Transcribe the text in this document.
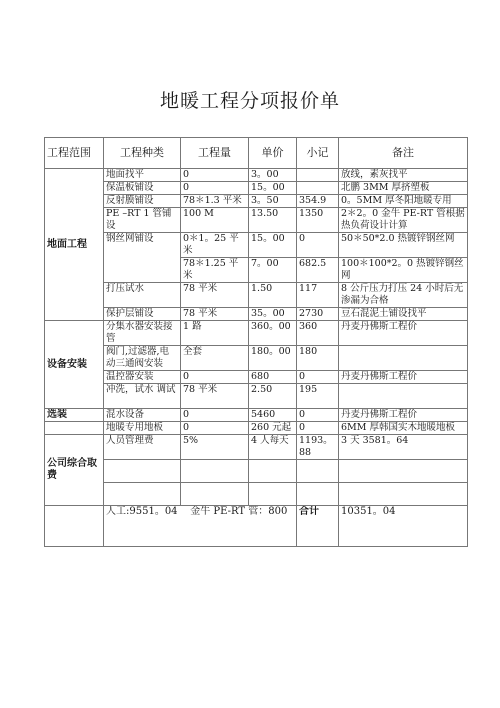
地暖工程分项报价单
工程范围	工程种类	工程量	单价	小记	备注
地面工程	地面找平	0	3。00		放线，素灰找平
	保温板铺设	0	15。00		北鹏 3MM 厚挤塑板
	反射膜铺设	78＊1.3 平米	3。50	354.9	0。5MM 厚冬阳地暖专用
	PE –RT 1 管铺设	100 M	13.50	1350	2＊2。0 金牛 PE-RT 管根据热负荷设计计算
	钢丝网铺设	0＊1。25 平米	15。00	0	50＊50*2.0 热镀锌钢丝网
		78＊1.25 平米	7。00	682.5	100＊100*2。0 热镀锌钢丝网
	打压试水	78 平米	1.50	117	8 公斤压力打压 24 小时后无渗漏为合格
	保护层铺设	78 平米	35。00	2730	豆石混泥土铺设找平
设备安装	分集水器安装接管	1 路	360。00	360	丹麦丹佛斯工程价
	阀门,过滤器,电动三通阀安装	全套	180。00	180	
	温控器安装	0	680	0	丹麦丹佛斯工程价
	冲洗，试水 调试	78 平米	2.50	195	
选装	混水设备	0	5460	0	丹麦丹佛斯工程价
	地暖专用地板	0	260 元起	0	6MM 厚韩国实木地暖地板
公司综合取费	人员管理费	5%	4 人每天	1193。88	3 天 3581。64

	人工:9551。04    金牛 PE-RT 管：800			合计	10351。04
